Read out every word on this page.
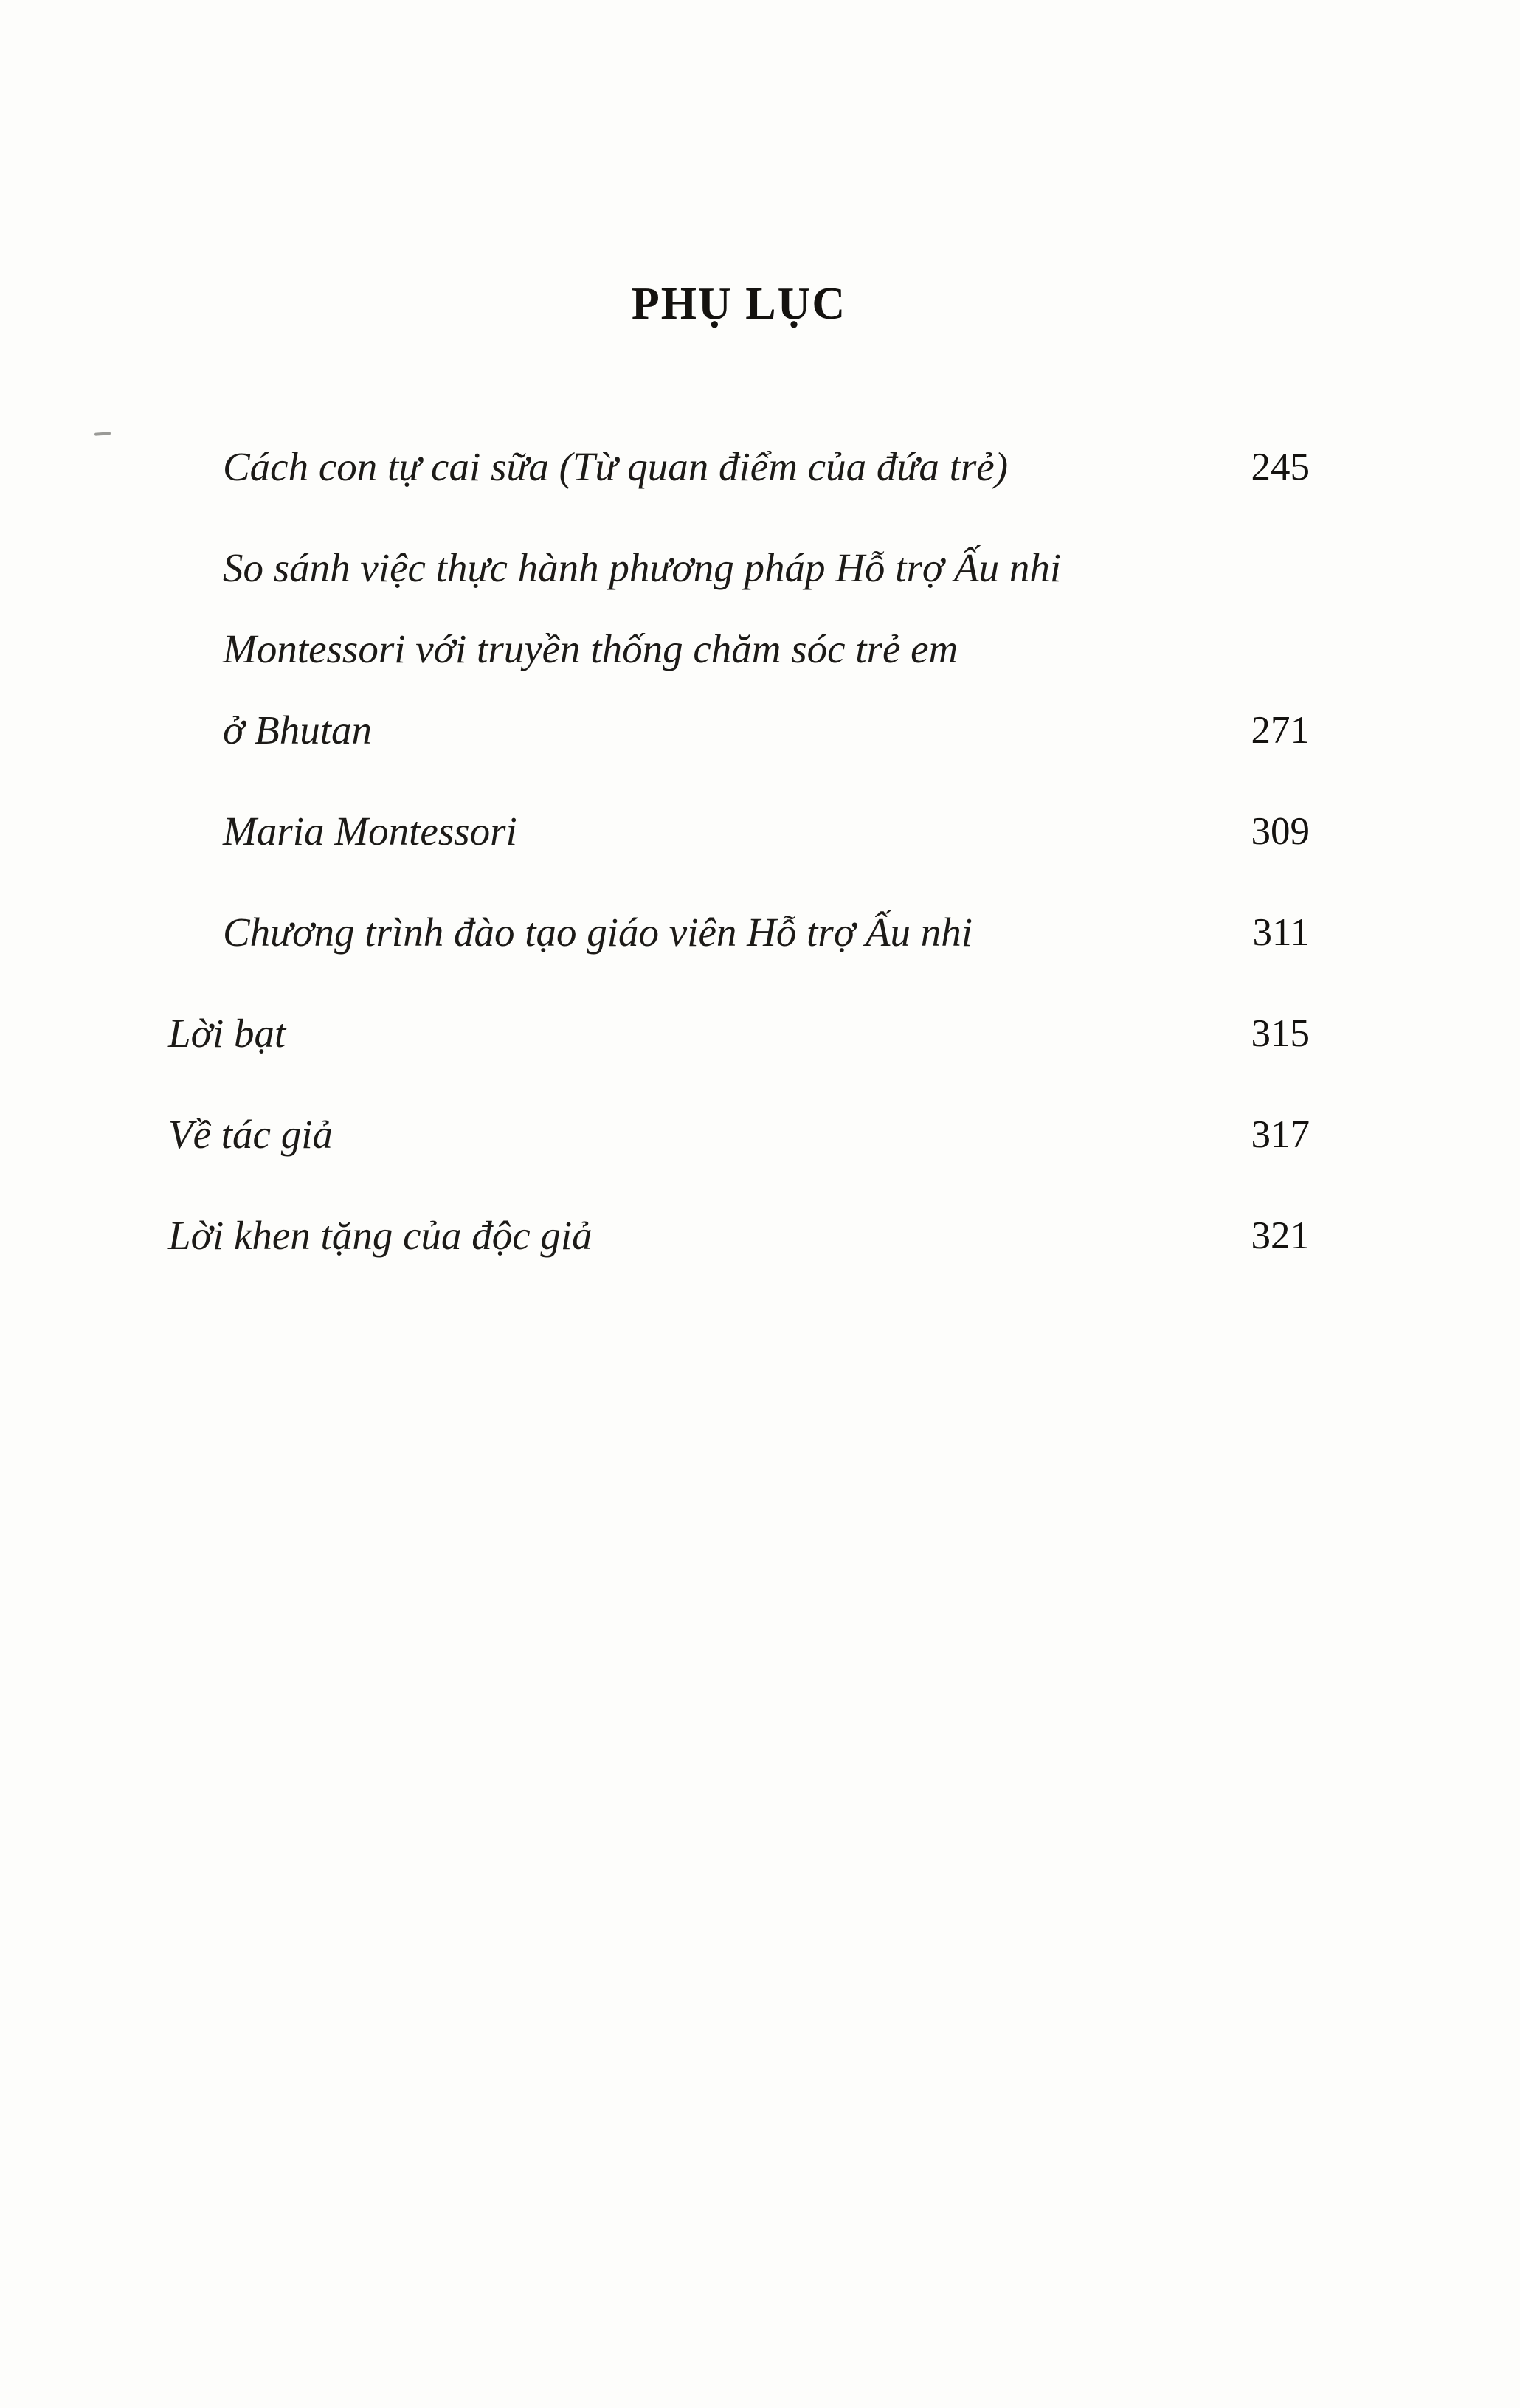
PHỤ LỤC
Cách con tự cai sữa (Từ quan điểm của đứa trẻ)	245
So sánh việc thực hành phương pháp Hỗ trợ Ấu nhi
Montessori với truyền thống chăm sóc trẻ em
ở Bhutan	271
Maria Montessori	309
Chương trình đào tạo giáo viên Hỗ trợ Ấu nhi	311
Lời bạt	315
Về tác giả	317
Lời khen tặng của độc giả	321
